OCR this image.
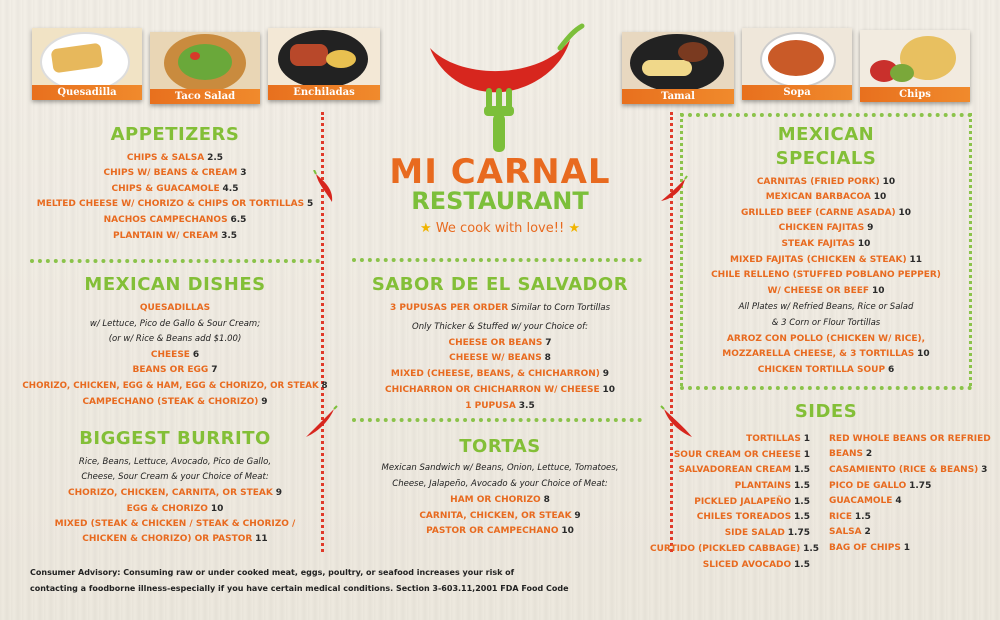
Quesadilla	Taco Salad	Enchiladas	Tamal	Sopa	Chips
MI CARNAL
RESTAURANT
★ We cook with love!! ★
APPETIZERS
CHIPS & SALSA 2.5
CHIPS W/ BEANS & CREAM 3
CHIPS & GUACAMOLE 4.5
MELTED CHEESE W/ CHORIZO & CHIPS OR TORTILLAS 5
NACHOS CAMPECHANOS 6.5
PLANTAIN W/ CREAM 3.5
MEXICAN DISHES
QUESADILLAS
w/ Lettuce, Pico de Gallo & Sour Cream;
(or w/ Rice & Beans add $1.00)
CHEESE 6
BEANS OR EGG 7
CHORIZO, CHICKEN, EGG & HAM, EGG & CHORIZO, OR STEAK 8
CAMPECHANO (STEAK & CHORIZO) 9
BIGGEST BURRITO
Rice, Beans, Lettuce, Avocado, Pico de Gallo,
Cheese, Sour Cream & your Choice of Meat:
CHORIZO, CHICKEN, CARNITA, OR STEAK 9
EGG & CHORIZO 10
MIXED (STEAK & CHICKEN / STEAK & CHORIZO /
CHICKEN & CHORIZO) OR PASTOR 11
SABOR DE EL SALVADOR
3 PUPUSAS PER ORDER Similar to Corn Tortillas
Only Thicker & Stuffed w/ your Choice of:
CHEESE OR BEANS 7
CHEESE W/ BEANS 8
MIXED (CHEESE, BEANS, & CHICHARRON) 9
CHICHARRON OR CHICHARRON W/ CHEESE 10
1 PUPUSA 3.5
TORTAS
Mexican Sandwich w/ Beans, Onion, Lettuce, Tomatoes,
Cheese, Jalapeño, Avocado & your Choice of Meat:
HAM OR CHORIZO 8
CARNITA, CHICKEN, OR STEAK 9
PASTOR OR CAMPECHANO 10
MEXICAN
SPECIALS
CARNITAS (FRIED PORK) 10
MEXICAN BARBACOA 10
GRILLED BEEF (CARNE ASADA) 10
CHICKEN FAJITAS 9
STEAK FAJITAS 10
MIXED FAJITAS (CHICKEN & STEAK) 11
CHILE RELLENO (STUFFED POBLANO PEPPER)
W/ CHEESE OR BEEF 10
All Plates w/ Refried Beans, Rice or Salad
& 3 Corn or Flour Tortillas
ARROZ CON POLLO (CHICKEN W/ RICE),
MOZZARELLA CHEESE, & 3 TORTILLAS 10
CHICKEN TORTILLA SOUP 6
SIDES
TORTILLAS 1
SOUR CREAM OR CHEESE 1
SALVADOREAN CREAM 1.5
PLANTAINS 1.5
PICKLED JALAPEÑO 1.5
CHILES TOREADOS 1.5
SIDE SALAD 1.75
CURTIDO (PICKLED CABBAGE) 1.5
SLICED AVOCADO 1.5
RED WHOLE BEANS OR REFRIED
BEANS 2
CASAMIENTO (RICE & BEANS) 3
PICO DE GALLO 1.75
GUACAMOLE 4
RICE 1.5
SALSA 2
BAG OF CHIPS 1
Consumer Advisory: Consuming raw or under cooked meat, eggs, poultry, or seafood increases your risk of
contacting a foodborne illness-especially if you have certain medical conditions. Section 3-603.11,2001 FDA Food Code
